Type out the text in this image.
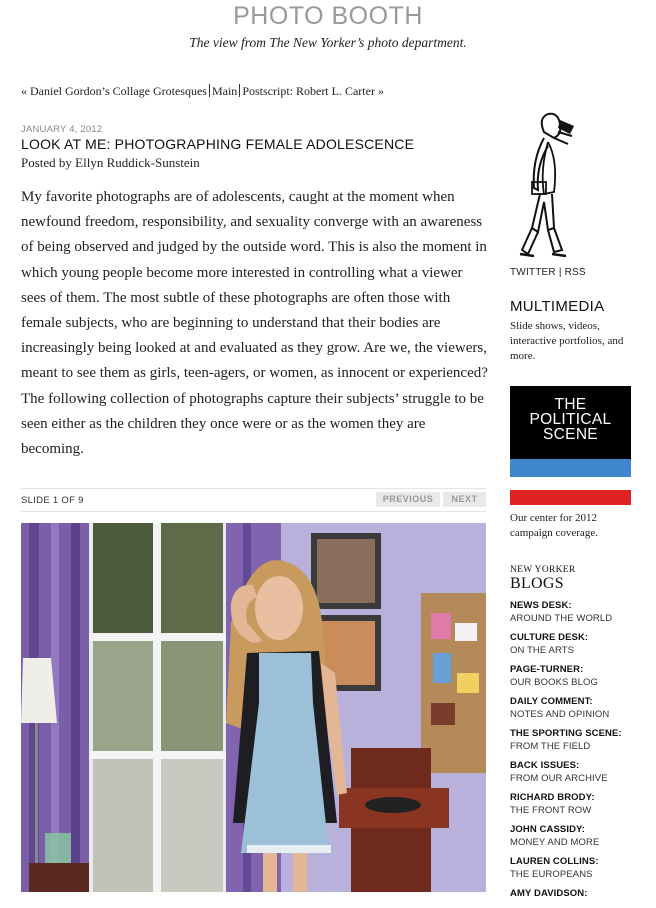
PHOTO BOOTH
The view from The New Yorker’s photo department.
« Daniel Gordon’s Collage Grotesques Main Postscript: Robert L. Carter »
JANUARY 4, 2012
LOOK AT ME: PHOTOGRAPHING FEMALE ADOLESCENCE
Posted by Ellyn Ruddick-Sunstein
My favorite photographs are of adolescents, caught at the moment when newfound freedom, responsibility, and sexuality converge with an awareness of being observed and judged by the outside word. This is also the moment in which young people become more interested in controlling what a viewer sees of them. The most subtle of these photographs are often those with female subjects, who are beginning to understand that their bodies are increasingly being looked at and evaluated as they grow. Are we, the viewers, meant to see them as girls, teen-agers, or women, as innocent or experienced? The following collection of photographs capture their subjects’ struggle to be seen either as the children they once were or as the women they are becoming.
SLIDE 1 OF 9	PREVIOUS	NEXT
TWITTER | RSS
MULTIMEDIA
Slide shows, videos, interactive portfolios, and more.
THE
POLITICAL
SCENE
Our center for 2012 campaign coverage.
NEW YORKER
BLOGS
NEWS DESK:
AROUND THE WORLD
CULTURE DESK:
ON THE ARTS
PAGE-TURNER:
OUR BOOKS BLOG
DAILY COMMENT:
NOTES AND OPINION
THE SPORTING SCENE:
FROM THE FIELD
BACK ISSUES:
FROM OUR ARCHIVE
RICHARD BRODY:
THE FRONT ROW
JOHN CASSIDY:
MONEY AND MORE
LAUREN COLLINS:
THE EUROPEANS
AMY DAVIDSON:
